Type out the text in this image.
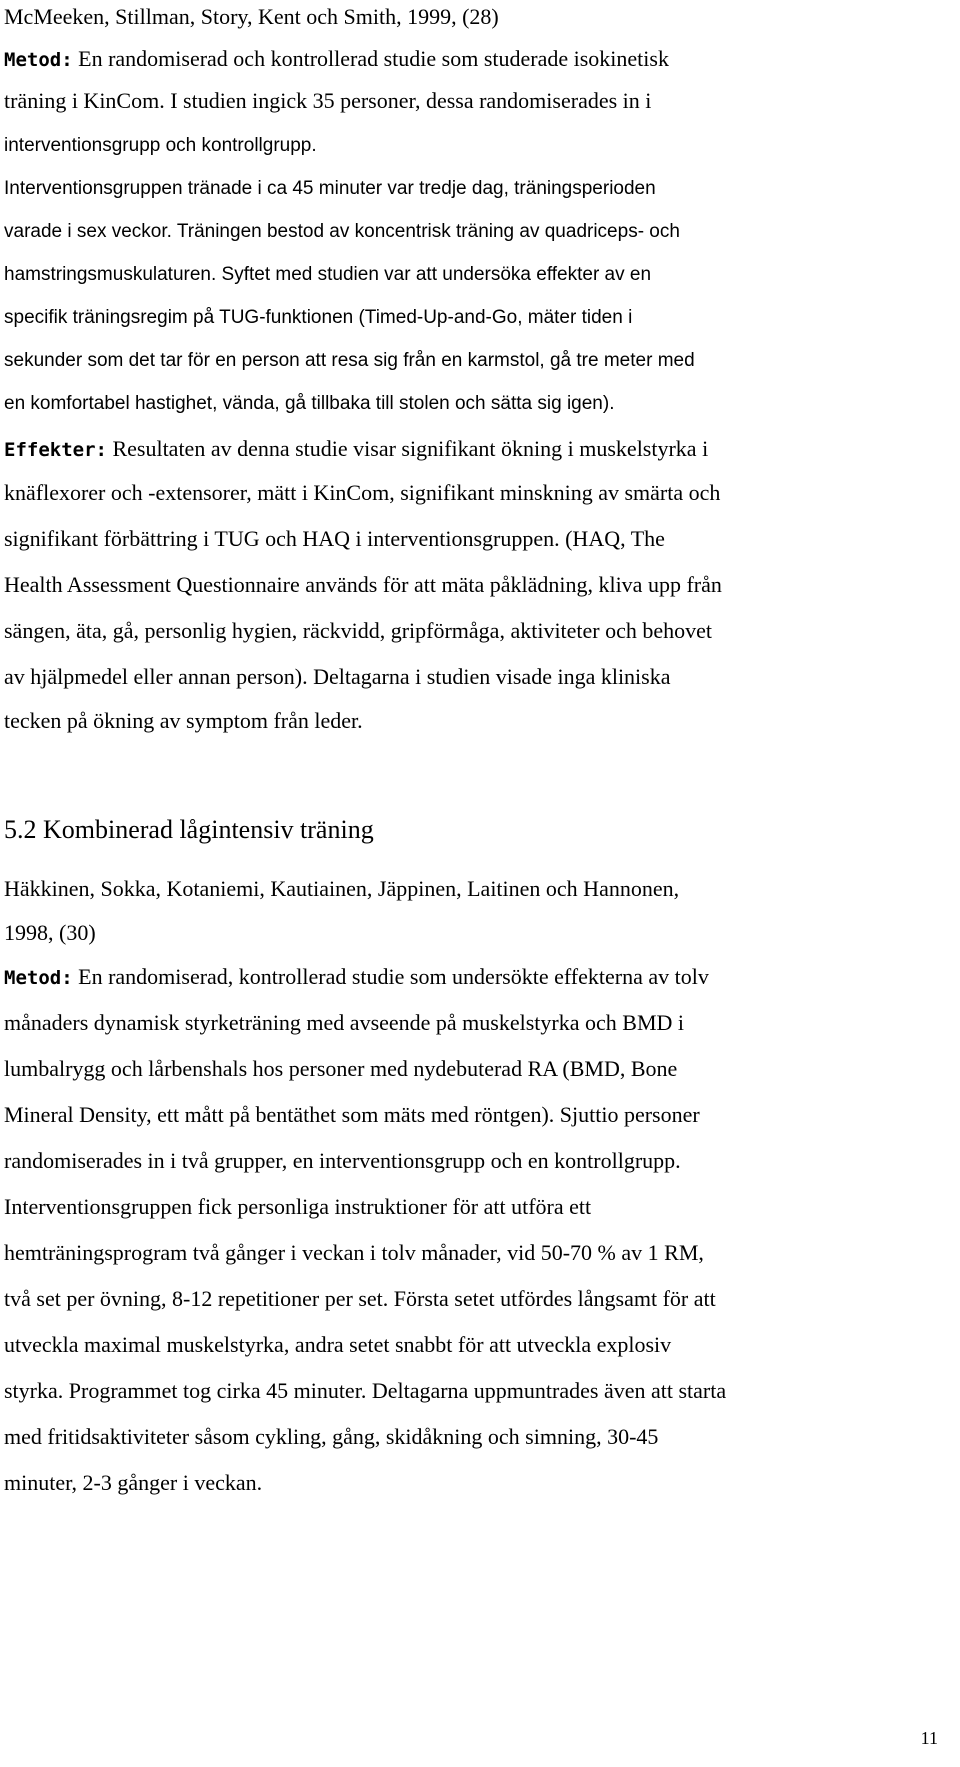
McMeeken, Stillman, Story, Kent och Smith, 1999, (28)

Metod: En randomiserad och kontrollerad studie som studerade isokinetisk

träning i KinCom. I studien ingick 35 personer, dessa randomiserades in i

interventionsgrupp och kontrollgrupp.

Interventionsgruppen tränade i ca 45 minuter var tredje dag, träningsperioden

varade i sex veckor. Träningen bestod av koncentrisk träning av quadriceps- och

hamstringsmuskulaturen. Syftet med studien var att undersöka effekter av en

specifik träningsregim på TUG-funktionen (Timed-Up-and-Go, mäter tiden i

sekunder som det tar för en person att resa sig från en karmstol, gå tre meter med

en komfortabel hastighet, vända, gå tillbaka till stolen och sätta sig igen).

Effekter: Resultaten av denna studie visar signifikant ökning i muskelstyrka i

knäflexorer och -extensorer, mätt i KinCom, signifikant minskning av smärta och

signifikant förbättring i TUG och HAQ i interventionsgruppen. (HAQ, The

Health Assessment Questionnaire används för att mäta påklädning, kliva upp från

sängen, äta, gå, personlig hygien, räckvidd, gripförmåga, aktiviteter och behovet

av hjälpmedel eller annan person). Deltagarna i studien visade inga kliniska

tecken på ökning av symptom från leder.

5.2 Kombinerad lågintensiv träning

Häkkinen, Sokka, Kotaniemi, Kautiainen, Jäppinen, Laitinen och Hannonen,

1998, (30)

Metod: En randomiserad, kontrollerad studie som undersökte effekterna av tolv

månaders dynamisk styrketräning med avseende på muskelstyrka och BMD i

lumbalrygg och lårbenshals hos personer med nydebuterad RA (BMD, Bone

Mineral Density, ett mått på bentäthet som mäts med röntgen). Sjuttio personer

randomiserades in i två grupper, en interventionsgrupp och en kontrollgrupp.

Interventionsgruppen fick personliga instruktioner för att utföra ett

hemträningsprogram två gånger i veckan i tolv månader, vid 50-70 % av 1 RM,

två set per övning, 8-12 repetitioner per set. Första setet utfördes långsamt för att

utveckla maximal muskelstyrka, andra setet snabbt för att utveckla explosiv

styrka. Programmet tog cirka 45 minuter. Deltagarna uppmuntrades även att starta

med fritidsaktiviteter såsom cykling, gång, skidåkning och simning, 30-45

minuter, 2-3 gånger i veckan.

11
